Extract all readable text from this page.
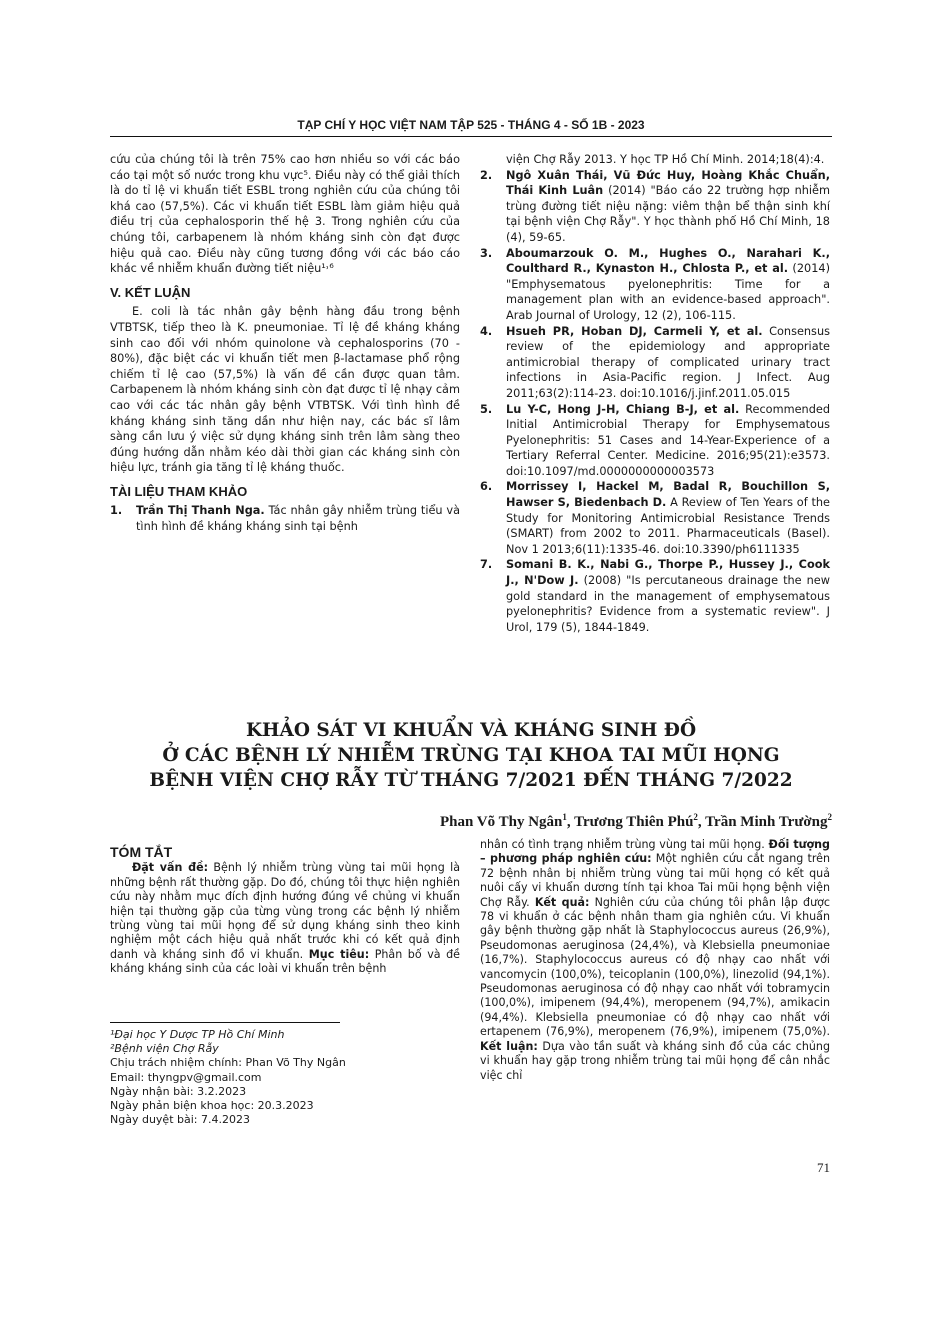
TẠP CHÍ Y HỌC VIỆT NAM TẬP 525 - THÁNG 4 - SỐ 1B - 2023

cứu của chúng tôi là trên 75% cao hơn nhiều so với các báo cáo tại một số nước trong khu vực⁵. Điều này có thể giải thích là do tỉ lệ vi khuẩn tiết ESBL trong nghiên cứu của chúng tôi khá cao (57,5%). Các vi khuẩn tiết ESBL làm giảm hiệu quả điều trị của cephalosporin thế hệ 3. Trong nghiên cứu của chúng tôi, carbapenem là nhóm kháng sinh còn đạt được hiệu quả cao. Điều này cũng tương đồng với các báo cáo khác về nhiễm khuẩn đường tiết niệu¹˒⁶

V. KẾT LUẬN

E. coli là tác nhân gây bệnh hàng đầu trong bệnh VTBTSK, tiếp theo là K. pneumoniae. Tỉ lệ đề kháng kháng sinh cao đối với nhóm quinolone và cephalosporins (70 - 80%), đặc biệt các vi khuẩn tiết men β-lactamase phổ rộng chiếm tỉ lệ cao (57,5%) là vấn đề cần được quan tâm. Carbapenem là nhóm kháng sinh còn đạt được tỉ lệ nhạy cảm cao với các tác nhân gây bệnh VTBTSK. Với tình hình đề kháng kháng sinh tăng dần như hiện nay, các bác sĩ lâm sàng cần lưu ý việc sử dụng kháng sinh trên lâm sàng theo đúng hướng dẫn nhằm kéo dài thời gian các kháng sinh còn hiệu lực, tránh gia tăng tỉ lệ kháng thuốc.

TÀI LIỆU THAM KHẢO
1.	Trần Thị Thanh Nga. Tác nhân gây nhiễm trùng tiểu và tình hình đề kháng kháng sinh tại bệnh
viện Chợ Rẫy 2013. Y học TP Hồ Chí Minh. 2014;18(4):4.
2.	Ngô Xuân Thái, Vũ Đức Huy, Hoàng Khắc Chuẩn, Thái Kinh Luân (2014) "Báo cáo 22 trường hợp nhiễm trùng đường tiết niệu nặng: viêm thận bể thận sinh khí tại bệnh viện Chợ Rẫy". Y học thành phố Hồ Chí Minh, 18 (4), 59-65.
3.	Aboumarzouk O. M., Hughes O., Narahari K., Coulthard R., Kynaston H., Chlosta P., et al. (2014) "Emphysematous pyelonephritis: Time for a management plan with an evidence-based approach". Arab Journal of Urology, 12 (2), 106-115.
4.	Hsueh PR, Hoban DJ, Carmeli Y, et al. Consensus review of the epidemiology and appropriate antimicrobial therapy of complicated urinary tract infections in Asia-Pacific region. J Infect. Aug 2011;63(2):114-23. doi:10.1016/j.jinf.2011.05.015
5.	Lu Y-C, Hong J-H, Chiang B-J, et al. Recommended Initial Antimicrobial Therapy for Emphysematous Pyelonephritis: 51 Cases and 14-Year-Experience of a Tertiary Referral Center. Medicine. 2016;95(21):e3573. doi:10.1097/md.0000000000003573
6.	Morrissey I, Hackel M, Badal R, Bouchillon S, Hawser S, Biedenbach D. A Review of Ten Years of the Study for Monitoring Antimicrobial Resistance Trends (SMART) from 2002 to 2011. Pharmaceuticals (Basel). Nov 1 2013;6(11):1335-46. doi:10.3390/ph6111335
7.	Somani B. K., Nabi G., Thorpe P., Hussey J., Cook J., N'Dow J. (2008) "Is percutaneous drainage the new gold standard in the management of emphysematous pyelonephritis? Evidence from a systematic review". J Urol, 179 (5), 1844-1849.
KHẢO SÁT VI KHUẨN VÀ KHÁNG SINH ĐỒ
Ở CÁC BỆNH LÝ NHIỄM TRÙNG TẠI KHOA TAI MŨI HỌNG
BỆNH VIỆN CHỢ RẪY TỪ THÁNG 7/2021 ĐẾN THÁNG 7/2022
Phan Võ Thy Ngân$^1$, Trương Thiên Phú$^2$, Trần Minh Trường$^2$
TÓM TẮT

Đặt vấn đề: Bệnh lý nhiễm trùng vùng tai mũi họng là những bệnh rất thường gặp. Do đó, chúng tôi thực hiện nghiên cứu này nhằm mục đích định hướng đúng về chủng vi khuẩn hiện tại thường gặp của từng vùng trong các bệnh lý nhiễm trùng vùng tai mũi họng để sử dụng kháng sinh theo kinh nghiệm một cách hiệu quả nhất trước khi có kết quả định danh và kháng sinh đồ vi khuẩn. Mục tiêu: Phân bố và đề kháng kháng sinh của các loài vi khuẩn trên bệnh

nhân có tình trạng nhiễm trùng vùng tai mũi họng. Đối tượng – phương pháp nghiên cứu: Một nghiên cứu cắt ngang trên 72 bệnh nhân bị nhiễm trùng vùng tai mũi họng có kết quả nuôi cấy vi khuẩn dương tính tại khoa Tai mũi họng bệnh viện Chợ Rẫy. Kết quả: Nghiên cứu của chúng tôi phân lập được 78 vi khuẩn ở các bệnh nhân tham gia nghiên cứu. Vi khuẩn gây bệnh thường gặp nhất là Staphylococcus aureus (26,9%), Pseudomonas aeruginosa (24,4%), và Klebsiella pneumoniae (16,7%). Staphylococcus aureus có độ nhạy cao nhất với vancomycin (100,0%), teicoplanin (100,0%), linezolid (94,1%). Pseudomonas aeruginosa có độ nhạy cao nhất với tobramycin (100,0%), imipenem (94,4%), meropenem (94,7%), amikacin (94,4%). Klebsiella pneumoniae có độ nhạy cao nhất với ertapenem (76,9%), meropenem (76,9%), imipenem (75,0%). Kết luận: Dựa vào tần suất và kháng sinh đồ của các chủng vi khuẩn hay gặp trong nhiễm trùng tai mũi họng để cân nhắc việc chỉ

¹Đại học Y Dược TP Hồ Chí Minh
²Bệnh viện Chợ Rẫy
Chịu trách nhiệm chính: Phan Võ Thy Ngân
Email: thyngpv@gmail.com
Ngày nhận bài: 3.2.2023
Ngày phản biện khoa học: 20.3.2023
Ngày duyệt bài: 7.4.2023
71
